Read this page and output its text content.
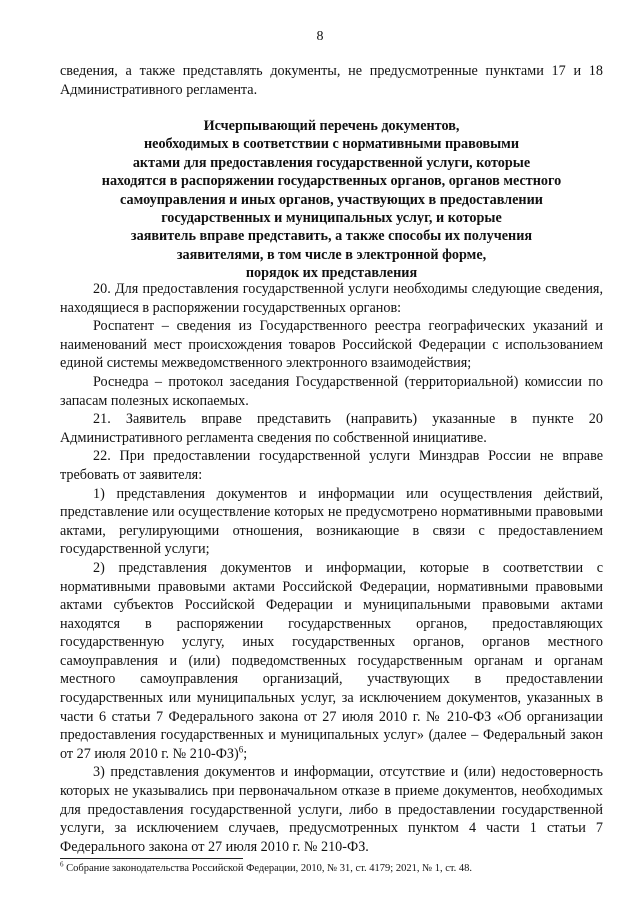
8

сведения, а также представлять документы, не предусмотренные пунктами 17 и 18 Административного регламента.

Исчерпывающий перечень документов,
необходимых в соответствии с нормативными правовыми
актами для предоставления государственной услуги, которые
находятся в распоряжении государственных органов, органов местного
самоуправления и иных органов, участвующих в предоставлении
государственных и муниципальных услуг, и которые
заявитель вправе представить, а также способы их получения
заявителями, в том числе в электронной форме,
порядок их представления

20. Для предоставления государственной услуги необходимы следующие сведения, находящиеся в распоряжении государственных органов:

Роспатент – сведения из Государственного реестра географических указаний и наименований мест происхождения товаров Российской Федерации с использованием единой системы межведомственного электронного взаимодействия;

Роснедра – протокол заседания Государственной (территориальной) комиссии по запасам полезных ископаемых.

21. Заявитель вправе представить (направить) указанные в пункте 20 Административного регламента сведения по собственной инициативе.

22. При предоставлении государственной услуги Минздрав России не вправе требовать от заявителя:

1) представления документов и информации или осуществления действий, представление или осуществление которых не предусмотрено нормативными правовыми актами, регулирующими отношения, возникающие в связи с предоставлением государственной услуги;

2) представления документов и информации, которые в соответствии с нормативными правовыми актами Российской Федерации, нормативными правовыми актами субъектов Российской Федерации и муниципальными правовыми актами находятся в распоряжении государственных органов, предоставляющих государственную услугу, иных государственных органов, органов местного самоуправления и (или) подведомственных государственным органам и органам местного самоуправления организаций, участвующих в предоставлении государственных или муниципальных услуг, за исключением документов, указанных в части 6 статьи 7 Федерального закона от 27 июля 2010 г. № 210-ФЗ «Об организации предоставления государственных и муниципальных услуг» (далее – Федеральный закон от 27 июля 2010 г. № 210-ФЗ)$^6$;

3) представления документов и информации, отсутствие и (или) недостоверность которых не указывались при первоначальном отказе в приеме документов, необходимых для предоставления государственной услуги, либо в предоставлении государственной услуги, за исключением случаев, предусмотренных пунктом 4 части 1 статьи 7 Федерального закона от 27 июля 2010 г. № 210-ФЗ.

$^6$ Собрание законодательства Российской Федерации, 2010, № 31, ст. 4179; 2021, № 1, ст. 48.
